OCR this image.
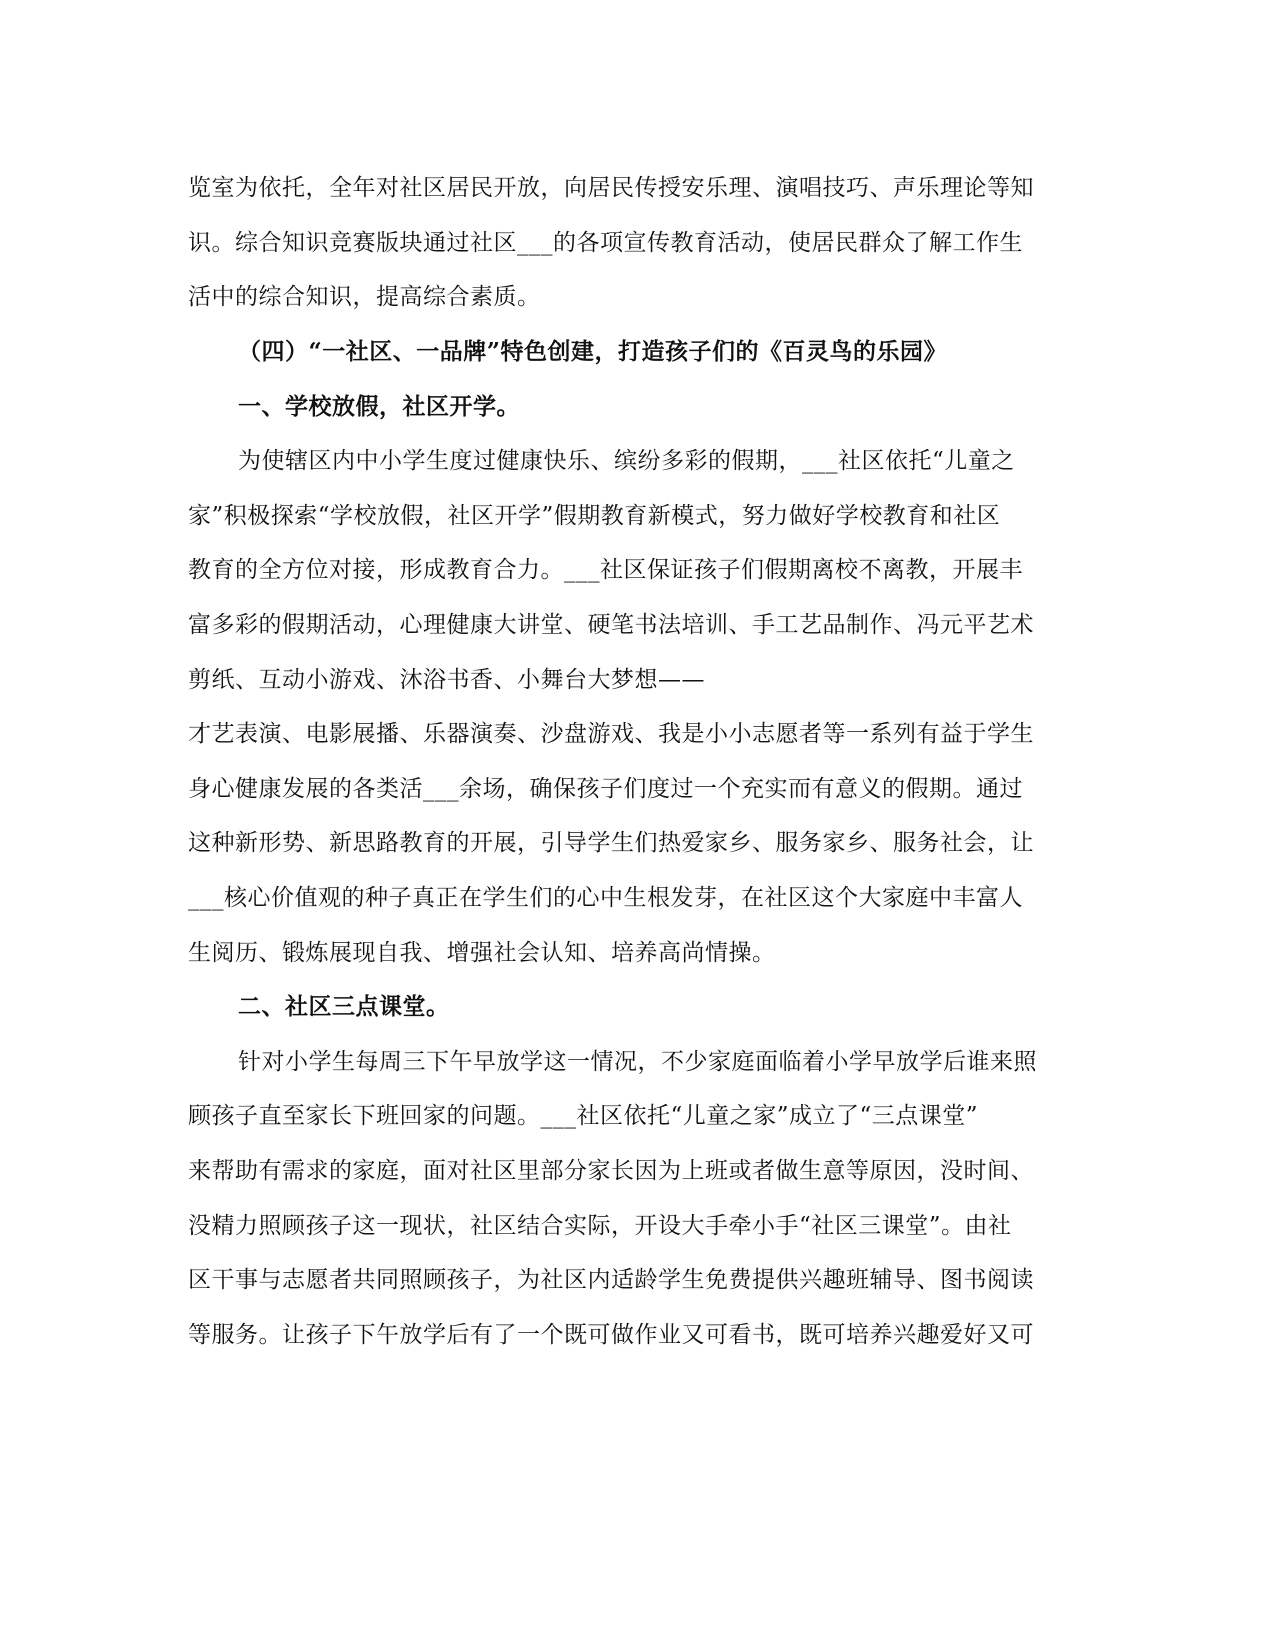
览室为依托，全年对社区居民开放，向居民传授安乐理、演唱技巧、声乐理论等知
识。综合知识竞赛版块通过社区___的各项宣传教育活动，使居民群众了解工作生
活中的综合知识，提高综合素质。
（四）“一社区、一品牌”特色创建，打造孩子们的《百灵鸟的乐园》
一、学校放假，社区开学。
为使辖区内中小学生度过健康快乐、缤纷多彩的假期，___社区依托“儿童之
家”积极探索“学校放假，社区开学”假期教育新模式，努力做好学校教育和社区
教育的全方位对接，形成教育合力。___社区保证孩子们假期离校不离教，开展丰
富多彩的假期活动，心理健康大讲堂、硬笔书法培训、手工艺品制作、冯元平艺术
剪纸、互动小游戏、沐浴书香、小舞台大梦想——
才艺表演、电影展播、乐器演奏、沙盘游戏、我是小小志愿者等一系列有益于学生
身心健康发展的各类活___余场，确保孩子们度过一个充实而有意义的假期。通过
这种新形势、新思路教育的开展，引导学生们热爱家乡、服务家乡、服务社会，让
___核心价值观的种子真正在学生们的心中生根发芽，在社区这个大家庭中丰富人
生阅历、锻炼展现自我、增强社会认知、培养高尚情操。
二、社区三点课堂。
针对小学生每周三下午早放学这一情况，不少家庭面临着小学早放学后谁来照
顾孩子直至家长下班回家的问题。___社区依托“儿童之家”成立了“三点课堂”
来帮助有需求的家庭，面对社区里部分家长因为上班或者做生意等原因，没时间、
没精力照顾孩子这一现状，社区结合实际，开设大手牵小手“社区三课堂”。由社
区干事与志愿者共同照顾孩子，为社区内适龄学生免费提供兴趣班辅导、图书阅读
等服务。让孩子下午放学后有了一个既可做作业又可看书，既可培养兴趣爱好又可
